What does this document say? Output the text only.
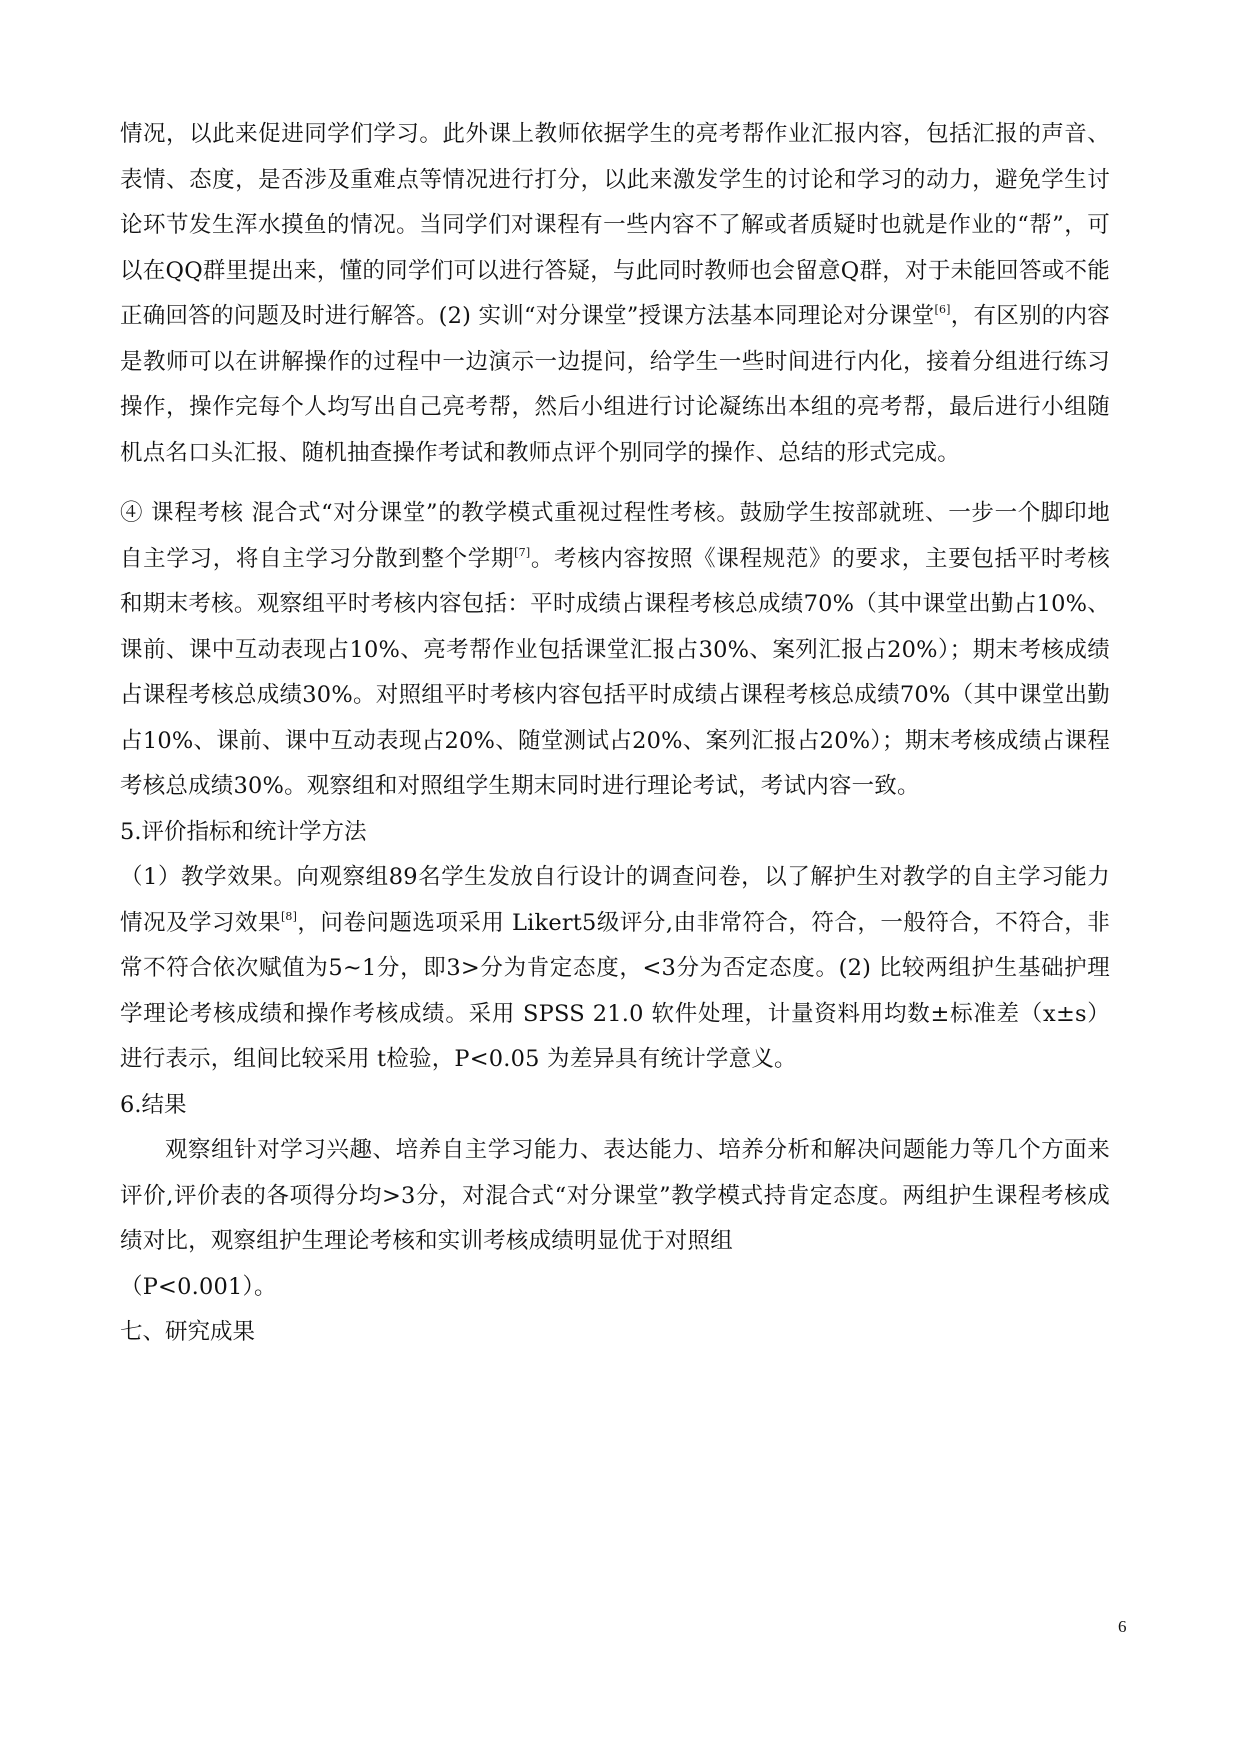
情况，以此来促进同学们学习。此外课上教师依据学生的亮考帮作业汇报内容，包括汇报的声音、表情、态度，是否涉及重难点等情况进行打分，以此来激发学生的讨论和学习的动力，避免学生讨论环节发生浑水摸鱼的情况。当同学们对课程有一些内容不了解或者质疑时也就是作业的“帮”，可以在QQ群里提出来，懂的同学们可以进行答疑，与此同时教师也会留意Q群，对于未能回答或不能正确回答的问题及时进行解答。(2) 实训“对分课堂”授课方法基本同理论对分课堂[6]，有区别的内容是教师可以在讲解操作的过程中一边演示一边提问，给学生一些时间进行内化，接着分组进行练习操作，操作完每个人均写出自己亮考帮，然后小组进行讨论凝练出本组的亮考帮，最后进行小组随机点名口头汇报、随机抽查操作考试和教师点评个别同学的操作、总结的形式完成。

④ 课程考核 混合式“对分课堂”的教学模式重视过程性考核。鼓励学生按部就班、一步一个脚印地自主学习，将自主学习分散到整个学期[7]。考核内容按照《课程规范》的要求，主要包括平时考核和期末考核。观察组平时考核内容包括：平时成绩占课程考核总成绩70%（其中课堂出勤占10%、课前、课中互动表现占10%、亮考帮作业包括课堂汇报占30%、案列汇报占20%）；期末考核成绩占课程考核总成绩30%。对照组平时考核内容包括平时成绩占课程考核总成绩70%（其中课堂出勤占10%、课前、课中互动表现占20%、随堂测试占20%、案列汇报占20%）；期末考核成绩占课程考核总成绩30%。观察组和对照组学生期末同时进行理论考试，考试内容一致。

5.评价指标和统计学方法

（1）教学效果。向观察组89名学生发放自行设计的调查问卷，以了解护生对教学的自主学习能力情况及学习效果[8]，问卷问题选项采用 Likert5级评分,由非常符合，符合，一般符合，不符合，非常不符合依次赋值为5~1分，即3>分为肯定态度，<3分为否定态度。(2) 比较两组护生基础护理学理论考核成绩和操作考核成绩。采用 SPSS 21.0 软件处理，计量资料用均数±标准差（x±s）进行表示，组间比较采用 t检验，P<0.05 为差异具有统计学意义。

6.结果

观察组针对学习兴趣、培养自主学习能力、表达能力、培养分析和解决问题能力等几个方面来评价,评价表的各项得分均>3分，对混合式“对分课堂”教学模式持肯定态度。两组护生课程考核成绩对比，观察组护生理论考核和实训考核成绩明显优于对照组

（P<0.001）。

七、研究成果

6
